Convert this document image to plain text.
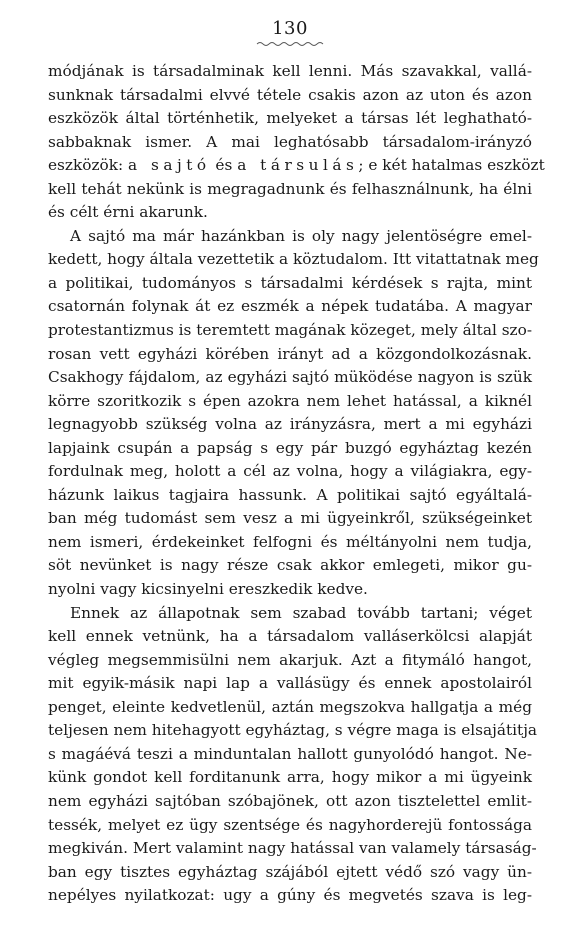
130
módjának is társadalminak kell lenni. Más szavakkal, vallá-
sunknak társadalmi elvvé tétele csakis azon az uton és azon
eszközök által történhetik, melyeket a társas lét leghatható-
sabbaknak ismer. A mai leghatósabb társadalom-irányzó
eszközök: a sajtó és a társulás; e két hatalmas eszközt
kell tehát nekünk is megragadnunk és felhasználnunk, ha élni
és célt érni akarunk.
A sajtó ma már hazánkban is oly nagy jelentöségre emel-
kedett, hogy általa vezettetik a köztudalom. Itt vitattatnak meg
a politikai, tudományos s társadalmi kérdések s rajta, mint
csatornán folynak át ez eszmék a népek tudatába. A magyar
protestantizmus is teremtett magának közeget, mely által szo-
rosan vett egyházi körében irányt ad a közgondolkozásnak.
Csakhogy fájdalom, az egyházi sajtó müködése nagyon is szük
körre szoritkozik s épen azokra nem lehet hatással, a kiknél
legnagyobb szükség volna az irányzásra, mert a mi egyházi
lapjaink csupán a papság s egy pár buzgó egyháztag kezén
fordulnak meg, holott a cél az volna, hogy a világiakra, egy-
házunk laikus tagjaira hassunk. A politikai sajtó egyáltalá-
ban még tudomást sem vesz a mi ügyeinkről, szükségeinket
nem ismeri, érdekeinket felfogni és méltányolni nem tudja,
söt nevünket is nagy része csak akkor emlegeti, mikor gu-
nyolni vagy kicsinyelni ereszkedik kedve.
Ennek az állapotnak sem szabad tovább tartani; véget
kell ennek vetnünk, ha a társadalom valláserkölcsi alapját
végleg megsemmisülni nem akarjuk. Azt a fitymáló hangot,
mit egyik-másik napi lap a vallásügy és ennek apostolairól
penget, eleinte kedvetlenül, aztán megszokva hallgatja a még
teljesen nem hitehagyott egyháztag, s végre maga is elsajátitja
s magáévá teszi a minduntalan hallott gunyolódó hangot. Ne-
künk gondot kell forditanunk arra, hogy mikor a mi ügyeink
nem egyházi sajtóban szóbajönek, ott azon tisztelettel emlit-
tessék, melyet ez ügy szentsége és nagyhorderejü fontossága
megkiván. Mert valamint nagy hatással van valamely társaság-
ban egy tisztes egyháztag szájából ejtett védő szó vagy ün-
nepélyes nyilatkozat: ugy a gúny és megvetés szava is leg-
